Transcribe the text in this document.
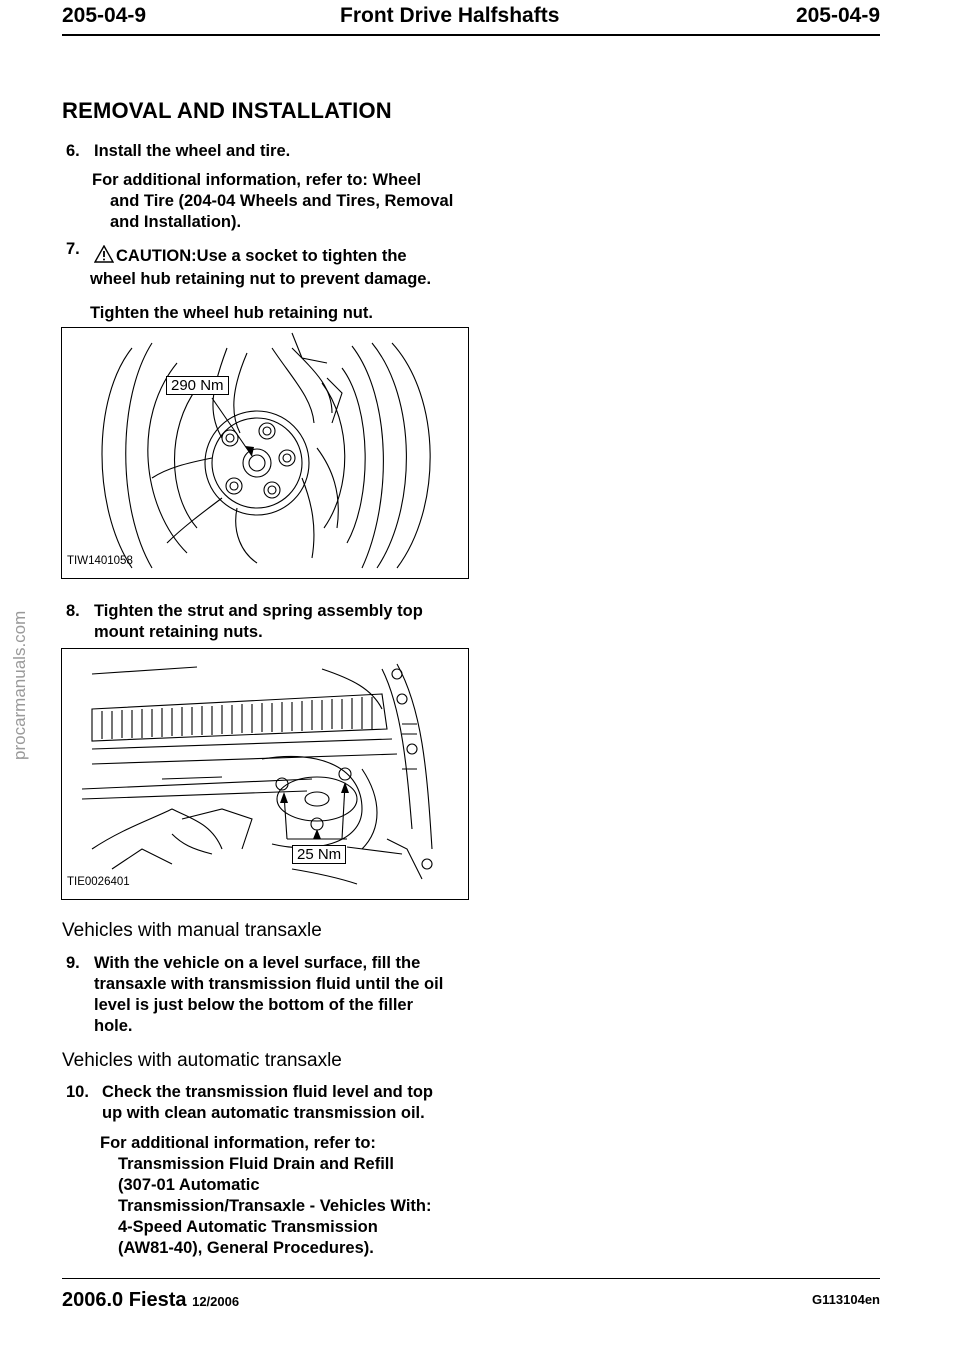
205-04-9	Front Drive Halfshafts	205-04-9
REMOVAL AND INSTALLATION
procarmanuals.com
6. Install the wheel and tire.
For additional information, refer to: Wheel
and Tire (204-04 Wheels and Tires, Removal
and Installation).
7.	CAUTION:Use a socket to tighten the
wheel hub retaining nut to prevent damage.
Tighten the wheel hub retaining nut.
290 Nm
TIW1401058
8. Tighten the strut and spring assembly top
mount retaining nuts.
25 Nm
TIE0026401
Vehicles with manual transaxle
9. With the vehicle on a level surface, fill the
transaxle with transmission fluid until the oil
level is just below the bottom of the filler
hole.
Vehicles with automatic transaxle
10. Check the transmission fluid level and top
up with clean automatic transmission oil.
For additional information, refer to:
Transmission Fluid Drain and Refill
(307-01 Automatic
Transmission/Transaxle - Vehicles With:
4-Speed Automatic Transmission
(AW81-40), General Procedures).
2006.0 Fiesta 12/2006	G113104en
